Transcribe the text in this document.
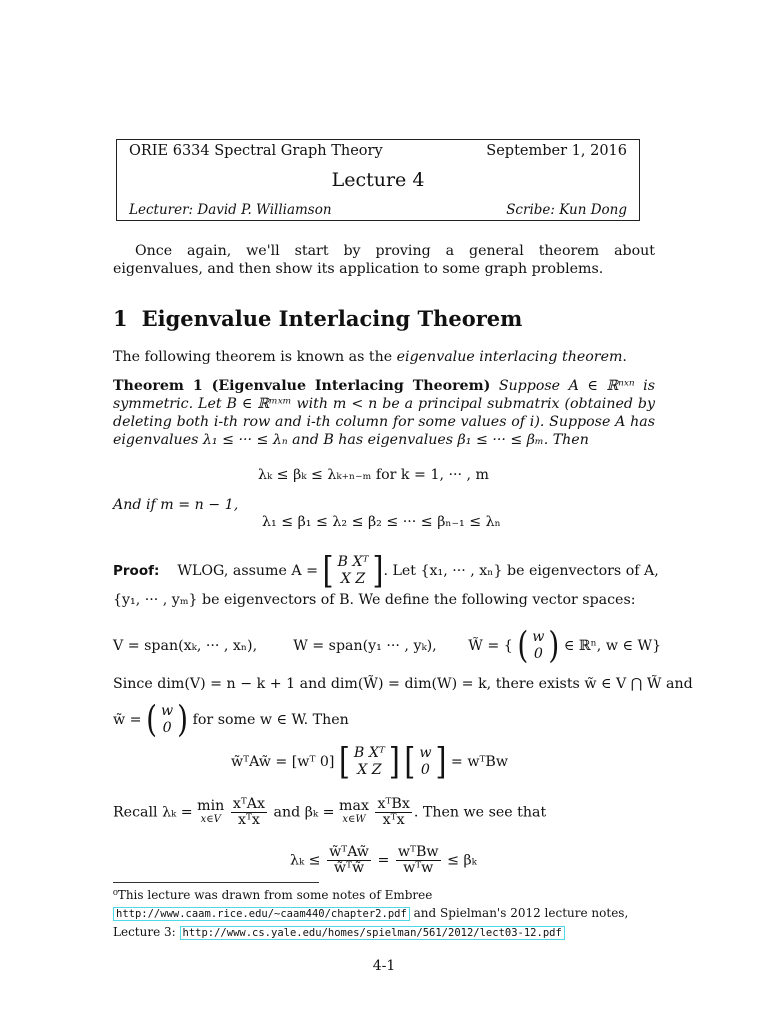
ORIE 6334 Spectral Graph Theory	September 1, 2016
Lecture 4
Lecturer: David P. Williamson	Scribe: Kun Dong
Once again, we'll start by proving a general theorem about eigenvalues, and then show its application to some graph problems.
1 Eigenvalue Interlacing Theorem
The following theorem is known as the eigenvalue interlacing theorem.
Theorem 1 (Eigenvalue Interlacing Theorem) Suppose A ∈ ℝⁿˣⁿ is symmetric. Let B ∈ ℝᵐˣᵐ with m < n be a principal submatrix (obtained by deleting both i-th row and i-th column for some values of i). Suppose A has eigenvalues λ₁ ≤ ··· ≤ λₙ and B has eigenvalues β₁ ≤ ··· ≤ βₘ. Then
λₖ ≤ βₖ ≤ λₖ₊ₙ₋ₘ for k = 1, ··· , m
And if m = n − 1,
λ₁ ≤ β₁ ≤ λ₂ ≤ β₂ ≤ ··· ≤ βₙ₋₁ ≤ λₙ
Proof: WLOG, assume A = [ B Xᵀ
X Z ]. Let {x₁, ··· , xₙ} be eigenvectors of A,
{y₁, ··· , yₘ} be eigenvectors of B. We define the following vector spaces:
V = span(xₖ, ··· , xₙ),	W = span(y₁ ··· , yₖ), W̃ = { ( w
0 ) ∈ ℝⁿ, w ∈ W}
Since dim(V) = n − k + 1 and dim(W̃) = dim(W) = k, there exists w̃ ∈ V ⋂ W̃ and
w̃ = ( w
0 ) for some w ∈ W. Then
w̃ᵀAw̃ = [wᵀ 0] [ B Xᵀ
X Z ] [ w
0 ] = wᵀBw
Recall λₖ = min
x∈V
$\frac{\text{xᵀAx}}{\text{xᵀx}}$ and βₖ = max
x∈W
$\frac{\text{xᵀBx}}{\text{xᵀx}}$ . Then we see that
$\lambda_k \le \frac{\text{w̃ᵀAw̃}}{\text{w̃ᵀw̃}} = \frac{\text{wᵀBw}}{\text{wᵀw}} \le \beta_k$
⁰This lecture was drawn from some notes of Embree http://www.caam.rice.edu/~caam440/chapter2.pdf and Spielman's 2012 lecture notes, Lecture 3: http://www.cs.yale.edu/homes/spielman/561/2012/lect03-12.pdf
4-1
